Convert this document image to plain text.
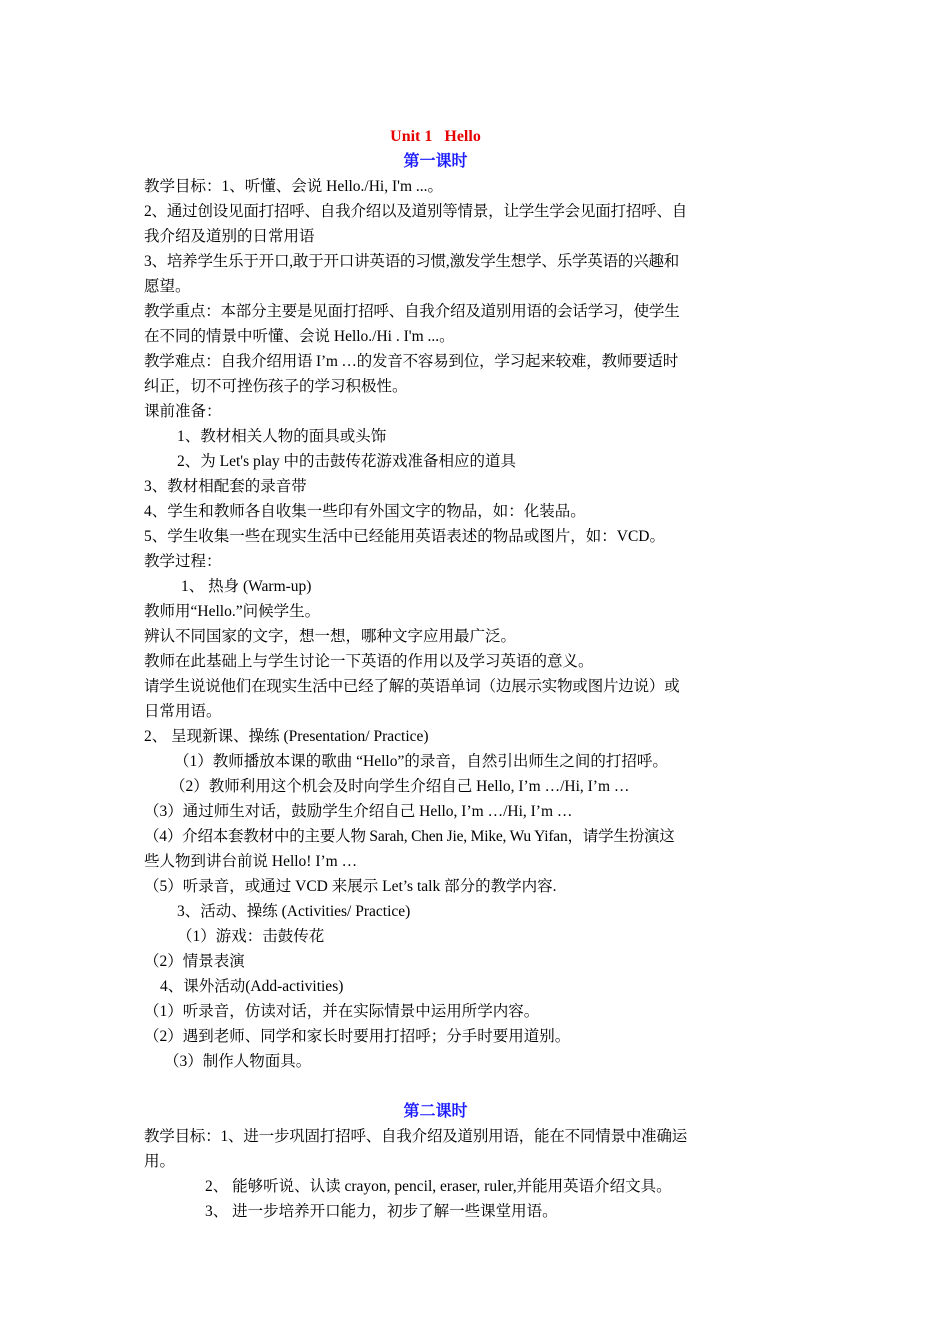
Unit 1   Hello
第一课时
教学目标：1、听懂、会说 Hello./Hi, I'm ...。
2、通过创设见面打招呼、自我介绍以及道别等情景，让学生学会见面打招呼、自
我介绍及道别的日常用语
3、培养学生乐于开口,敢于开口讲英语的习惯,激发学生想学、乐学英语的兴趣和
愿望。
教学重点：本部分主要是见面打招呼、自我介绍及道别用语的会话学习，使学生
在不同的情景中听懂、会说 Hello./Hi . I'm ...。
教学难点：自我介绍用语 I’m …的发音不容易到位，学习起来较难，教师要适时
纠正，切不可挫伤孩子的学习积极性。
课前准备：
1、教材相关人物的面具或头饰
2、为 Let's play 中的击鼓传花游戏准备相应的道具
3、教材相配套的录音带
4、学生和教师各自收集一些印有外国文字的物品，如：化装品。
5、学生收集一些在现实生活中已经能用英语表述的物品或图片，如：VCD。
教学过程：
1、 热身 (Warm-up)
教师用“Hello.”问候学生。
辨认不同国家的文字，想一想，哪种文字应用最广泛。
教师在此基础上与学生讨论一下英语的作用以及学习英语的意义。
请学生说说他们在现实生活中已经了解的英语单词（边展示实物或图片边说）或
日常用语。
2、 呈现新课、操练 (Presentation/ Practice)
（1）教师播放本课的歌曲 “Hello”的录音，自然引出师生之间的打招呼。
（2）教师利用这个机会及时向学生介绍自己 Hello, I’m …/Hi, I’m …
（3）通过师生对话，鼓励学生介绍自己 Hello, I’m …/Hi, I’m …
（4）介绍本套教材中的主要人物 Sarah, Chen Jie, Mike, Wu Yifan，请学生扮演这
些人物到讲台前说 Hello! I’m …
（5）听录音，或通过 VCD 来展示 Let’s talk 部分的教学内容.
3、活动、操练 (Activities/ Practice)
（1）游戏：击鼓传花
（2）情景表演
4、课外活动(Add-activities)
（1）听录音，仿读对话，并在实际情景中运用所学内容。
（2）遇到老师、同学和家长时要用打招呼；分手时要用道别。
（3）制作人物面具。
第二课时
教学目标：1、进一步巩固打招呼、自我介绍及道别用语，能在不同情景中准确运
用。
2、 能够听说、认读 crayon, pencil, eraser, ruler,并能用英语介绍文具。
3、 进一步培养开口能力，初步了解一些课堂用语。
